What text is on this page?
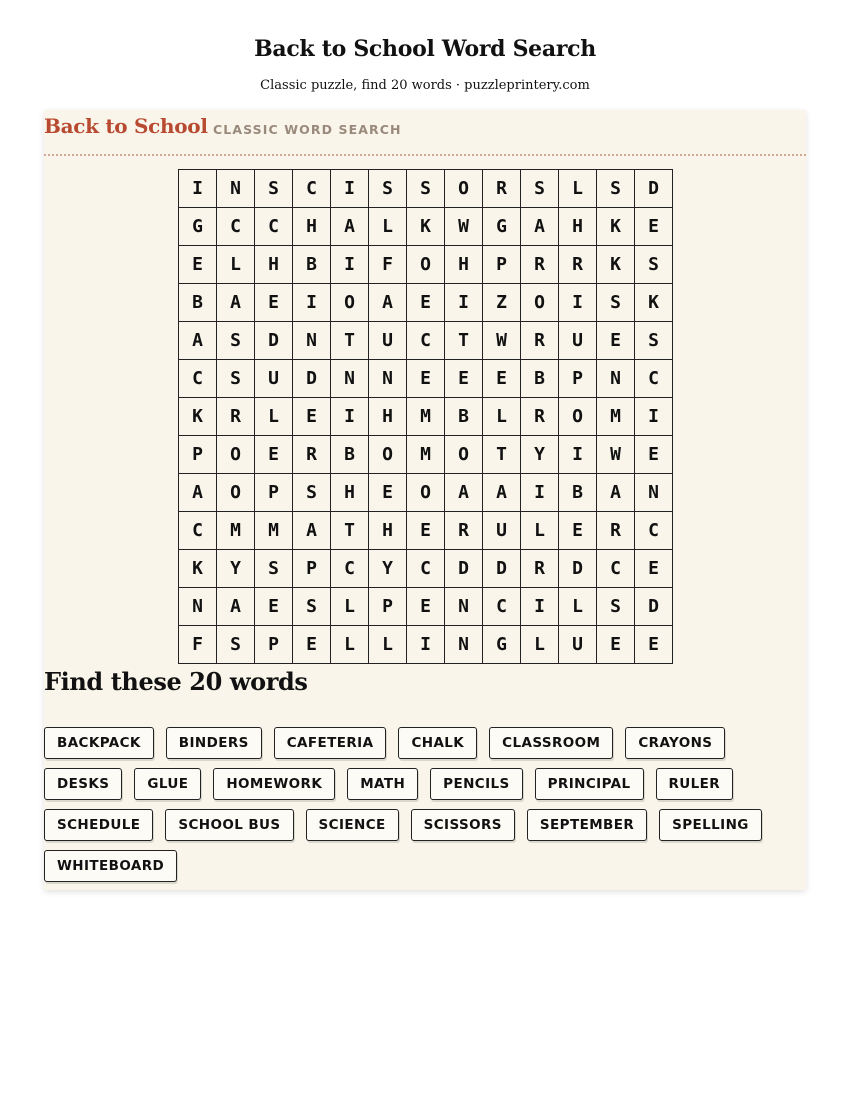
Back to School Word Search
Classic puzzle, find 20 words · puzzleprintery.com
Back to School CLASSIC WORD SEARCH
I	N	S	C	I	S	S	O	R	S	L	S	D
G	C	C	H	A	L	K	W	G	A	H	K	E
E	L	H	B	I	F	O	H	P	R	R	K	S
B	A	E	I	O	A	E	I	Z	O	I	S	K
A	S	D	N	T	U	C	T	W	R	U	E	S
C	S	U	D	N	N	E	E	E	B	P	N	C
K	R	L	E	I	H	M	B	L	R	O	M	I
P	O	E	R	B	O	M	O	T	Y	I	W	E
A	O	P	S	H	E	O	A	A	I	B	A	N
C	M	M	A	T	H	E	R	U	L	E	R	C
K	Y	S	P	C	Y	C	D	D	R	D	C	E
N	A	E	S	L	P	E	N	C	I	L	S	D
F	S	P	E	L	L	I	N	G	L	U	E	E
Find these 20 words
BACKPACK	BINDERS	CAFETERIA	CHALK	CLASSROOM	CRAYONS
DESKS	GLUE	HOMEWORK	MATH	PENCILS	PRINCIPAL	RULER
SCHEDULE	SCHOOL BUS	SCIENCE	SCISSORS	SEPTEMBER	SPELLING
WHITEBOARD
